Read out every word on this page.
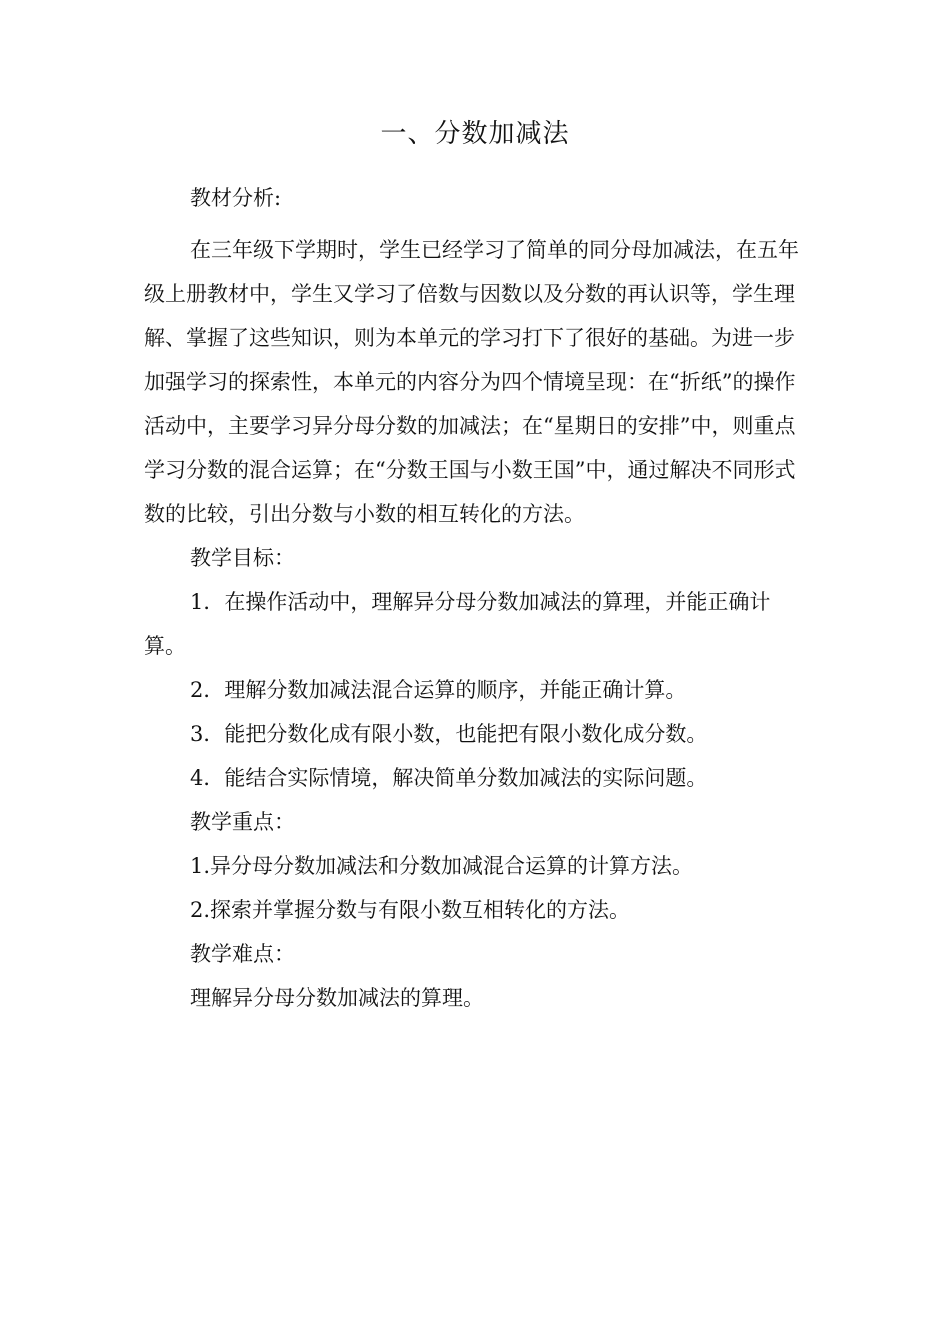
一、分数加减法

教材分析:

在三年级下学期时，学生已经学习了简单的同分母加减法，在五年级上册教材中，学生又学习了倍数与因数以及分数的再认识等，学生理解、掌握了这些知识，则为本单元的学习打下了很好的基础。为进一步加强学习的探索性，本单元的内容分为四个情境呈现：在“折纸”的操作活动中，主要学习异分母分数的加减法；在“星期日的安排”中，则重点学习分数的混合运算；在“分数王国与小数王国”中，通过解决不同形式数的比较，引出分数与小数的相互转化的方法。

教学目标：

1．在操作活动中，理解异分母分数加减法的算理，并能正确计算。

2．理解分数加减法混合运算的顺序，并能正确计算。

3．能把分数化成有限小数，也能把有限小数化成分数。

4．能结合实际情境，解决简单分数加减法的实际问题。

教学重点：

1.异分母分数加减法和分数加减混合运算的计算方法。

2.探索并掌握分数与有限小数互相转化的方法。

教学难点：

理解异分母分数加减法的算理。
